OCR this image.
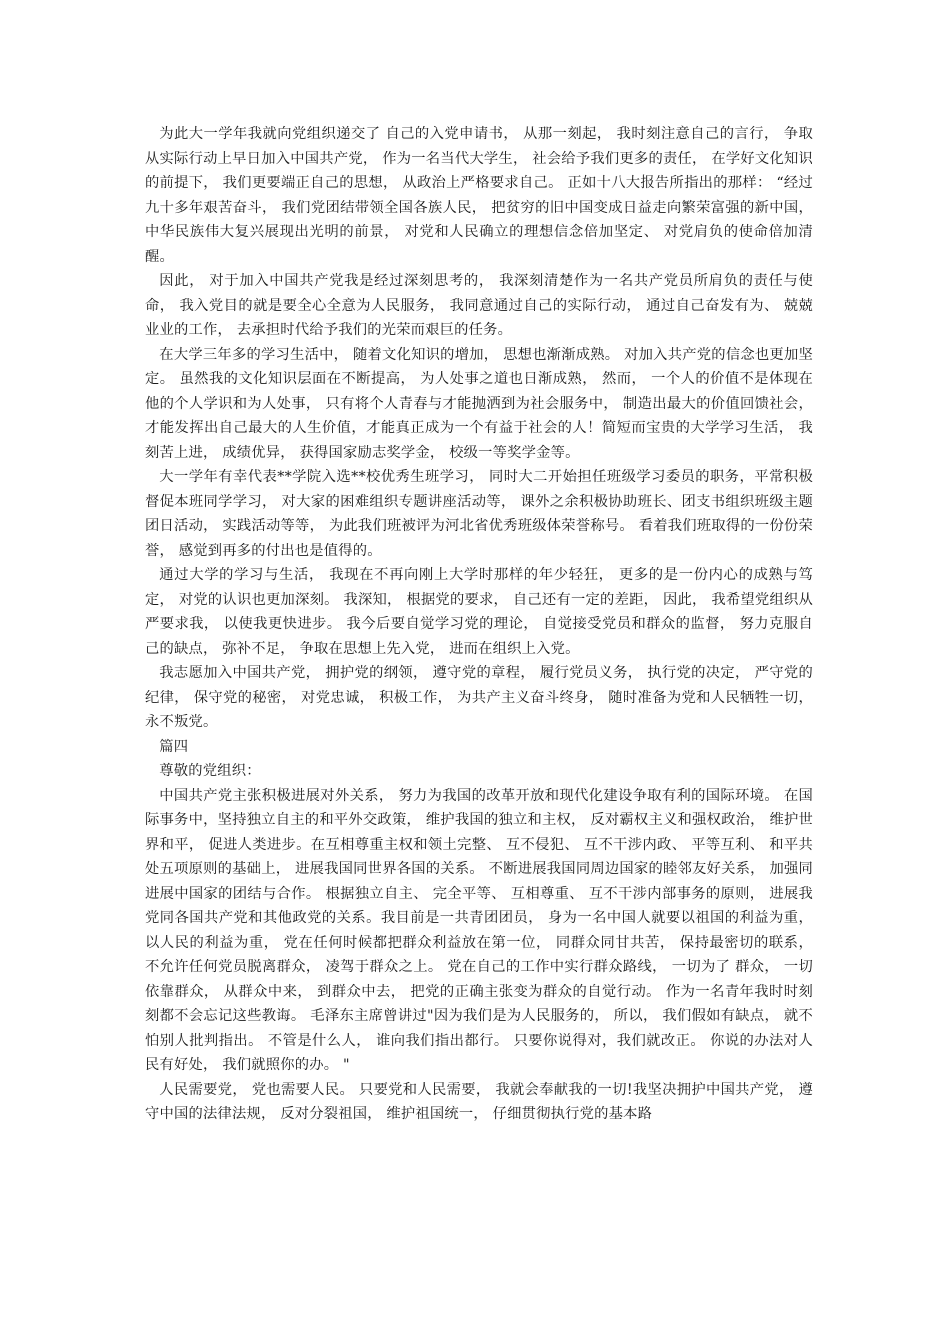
为此大一学年我就向党组织递交了 自己的入党申请书， 从那一刻起， 我时刻注意自己的言行， 争取从实际行动上早日加入中国共产党， 作为一名当代大学生， 社会给予我们更多的责任， 在学好文化知识的前提下， 我们更要端正自己的思想， 从政治上严格要求自己。 正如十八大报告所指出的那样： “经过九十多年艰苦奋斗， 我们党团结带领全国各族人民， 把贫穷的旧中国变成日益走向繁荣富强的新中国， 中华民族伟大复兴展现出光明的前景， 对党和人民确立的理想信念倍加坚定、 对党肩负的使命倍加清醒。

因此， 对于加入中国共产党我是经过深刻思考的， 我深刻清楚作为一名共产党员所肩负的责任与使命， 我入党目的就是要全心全意为人民服务， 我同意通过自己的实际行动， 通过自己奋发有为、 兢兢业业的工作， 去承担时代给予我们的光荣而艰巨的任务。

在大学三年多的学习生活中， 随着文化知识的增加， 思想也渐渐成熟。 对加入共产党的信念也更加坚定。 虽然我的文化知识层面在不断提高， 为人处事之道也日渐成熟， 然而， 一个人的价值不是体现在他的个人学识和为人处事， 只有将个人青春与才能抛洒到为社会服务中， 制造出最大的价值回馈社会， 才能发挥出自己最大的人生价值，才能真正成为一个有益于社会的人！简短而宝贵的大学学习生活， 我刻苦上进， 成绩优异， 获得国家励志奖学金， 校级一等奖学金等。

大一学年有幸代表**学院入选**校优秀生班学习， 同时大二开始担任班级学习委员的职务，平常积极督促本班同学学习， 对大家的困难组织专题讲座活动等， 课外之余积极协助班长、团支书组织班级主题团日活动， 实践活动等等， 为此我们班被评为河北省优秀班级体荣誉称号。 看着我们班取得的一份份荣誉， 感觉到再多的付出也是值得的。

通过大学的学习与生活， 我现在不再向刚上大学时那样的年少轻狂， 更多的是一份内心的成熟与笃定， 对党的认识也更加深刻。 我深知， 根据党的要求， 自己还有一定的差距， 因此， 我希望党组织从严要求我， 以使我更快进步。 我今后要自觉学习党的理论， 自觉接受党员和群众的监督， 努力克服自己的缺点， 弥补不足， 争取在思想上先入党， 进而在组织上入党。

我志愿加入中国共产党， 拥护党的纲领， 遵守党的章程， 履行党员义务， 执行党的决定， 严守党的纪律， 保守党的秘密， 对党忠诚， 积极工作， 为共产主义奋斗终身， 随时准备为党和人民牺牲一切， 永不叛党。

篇四

尊敬的党组织：

中国共产党主张积极进展对外关系， 努力为我国的改革开放和现代化建设争取有利的国际环境。 在国际事务中，坚持独立自主的和平外交政策， 维护我国的独立和主权， 反对霸权主义和强权政治， 维护世界和平， 促进人类进步。在互相尊重主权和领土完整、 互不侵犯、 互不干涉内政、 平等互利、 和平共处五项原则的基础上， 进展我国同世界各国的关系。 不断进展我国同周边国家的睦邻友好关系， 加强同进展中国家的团结与合作。 根据独立自主、 完全平等、 互相尊重、 互不干涉内部事务的原则， 进展我党同各国共产党和其他政党的关系。我目前是一共青团团员， 身为一名中国人就要以祖国的利益为重， 以人民的利益为重， 党在任何时候都把群众利益放在第一位， 同群众同甘共苦， 保持最密切的联系， 不允许任何党员脱离群众， 凌驾于群众之上。 党在自己的工作中实行群众路线， 一切为了 群众， 一切依靠群众， 从群众中来， 到群众中去， 把党的正确主张变为群众的自觉行动。 作为一名青年我时时刻刻都不会忘记这些教诲。 毛泽东主席曾讲过"因为我们是为人民服务的， 所以， 我们假如有缺点， 就不怕别人批判指出。 不管是什么人， 谁向我们指出都行。 只要你说得对，我们就改正。 你说的办法对人民有好处， 我们就照你的办。 "

人民需要党， 党也需要人民。 只要党和人民需要， 我就会奉献我的一切!我坚决拥护中国共产党， 遵守中国的法律法规， 反对分裂祖国， 维护祖国统一， 仔细贯彻执行党的基本路
